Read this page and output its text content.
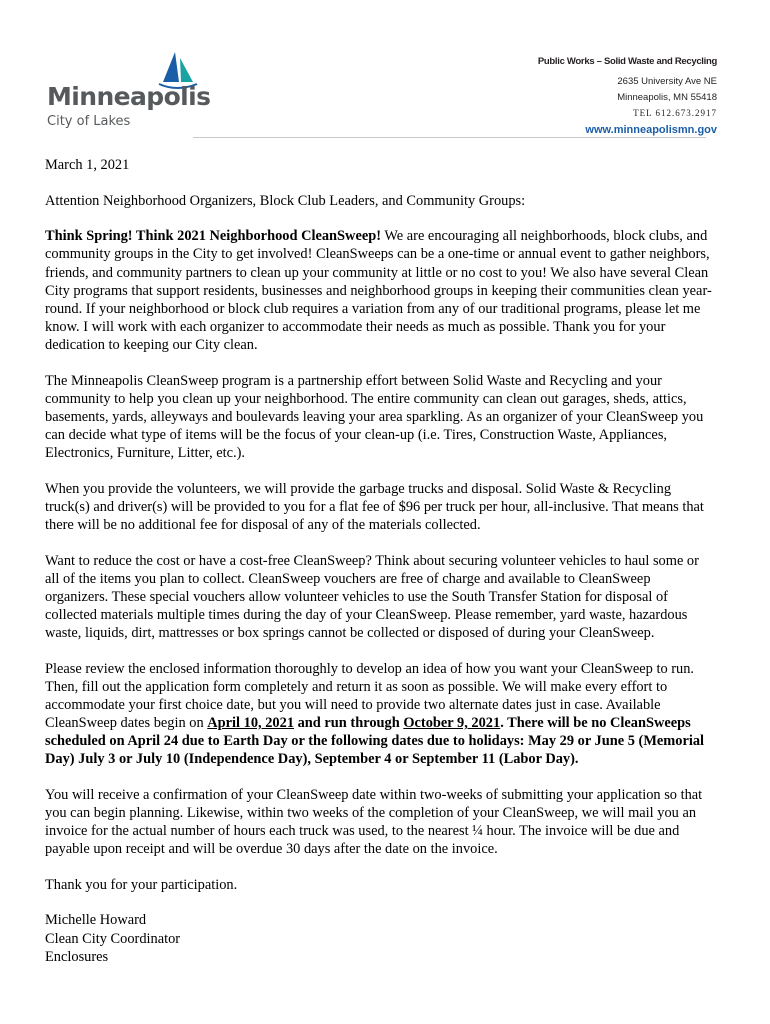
Minneapolis
City of Lakes
Public Works – Solid Waste and Recycling
2635 University Ave NE
Minneapolis, MN 55418
TEL 612.673.2917
www.minneapolismn.gov

March 1, 2021

Attention Neighborhood Organizers, Block Club Leaders, and Community Groups:

Think Spring! Think 2021 Neighborhood CleanSweep! We are encouraging all neighborhoods, block clubs, and community groups in the City to get involved! CleanSweeps can be a one-time or annual event to gather neighbors, friends, and community partners to clean up your community at little or no cost to you! We also have several Clean City programs that support residents, businesses and neighborhood groups in keeping their communities clean year-round. If your neighborhood or block club requires a variation from any of our traditional programs, please let me know. I will work with each organizer to accommodate their needs as much as possible. Thank you for your dedication to keeping our City clean.

The Minneapolis CleanSweep program is a partnership effort between Solid Waste and Recycling and your community to help you clean up your neighborhood. The entire community can clean out garages, sheds, attics, basements, yards, alleyways and boulevards leaving your area sparkling. As an organizer of your CleanSweep you can decide what type of items will be the focus of your clean-up (i.e. Tires, Construction Waste, Appliances, Electronics, Furniture, Litter, etc.).

When you provide the volunteers, we will provide the garbage trucks and disposal. Solid Waste & Recycling truck(s) and driver(s) will be provided to you for a flat fee of $96 per truck per hour, all-inclusive. That means that there will be no additional fee for disposal of any of the materials collected.

Want to reduce the cost or have a cost-free CleanSweep? Think about securing volunteer vehicles to haul some or all of the items you plan to collect. CleanSweep vouchers are free of charge and available to CleanSweep organizers. These special vouchers allow volunteer vehicles to use the South Transfer Station for disposal of collected materials multiple times during the day of your CleanSweep. Please remember, yard waste, hazardous waste, liquids, dirt, mattresses or box springs cannot be collected or disposed of during your CleanSweep.

Please review the enclosed information thoroughly to develop an idea of how you want your CleanSweep to run. Then, fill out the application form completely and return it as soon as possible. We will make every effort to accommodate your first choice date, but you will need to provide two alternate dates just in case. Available CleanSweep dates begin on April 10, 2021 and run through October 9, 2021. There will be no CleanSweeps scheduled on April 24 due to Earth Day or the following dates due to holidays: May 29 or June 5 (Memorial Day) July 3 or July 10 (Independence Day), September 4 or September 11 (Labor Day).

You will receive a confirmation of your CleanSweep date within two-weeks of submitting your application so that you can begin planning. Likewise, within two weeks of the completion of your CleanSweep, we will mail you an invoice for the actual number of hours each truck was used, to the nearest ¼ hour. The invoice will be due and payable upon receipt and will be overdue 30 days after the date on the invoice.

Thank you for your participation.

Michelle Howard

Clean City Coordinator

Enclosures
